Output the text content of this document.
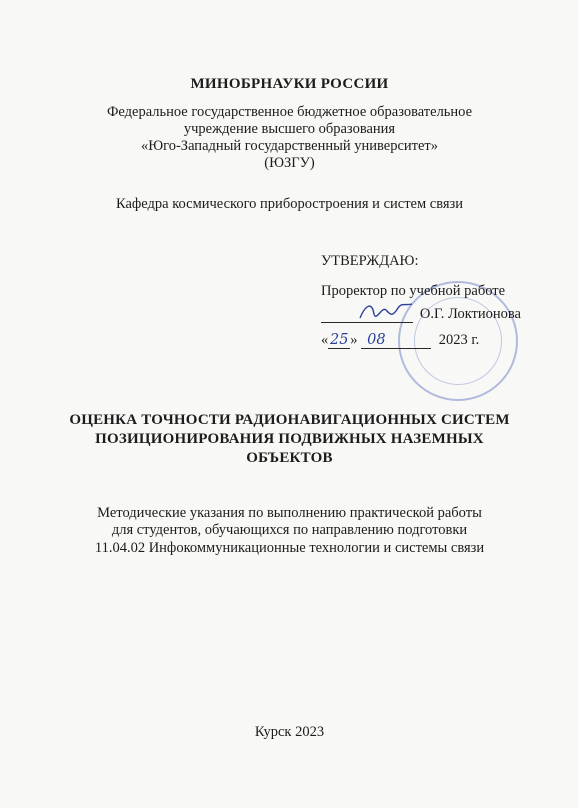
МИНОБРНАУКИ РОССИИ
Федеральное государственное бюджетное образовательное
учреждение высшего образования
«Юго-Западный государственный университет»
(ЮЗГУ)
Кафедра космического приборостроения и систем связи
УТВЕРЖДАЮ:
Проректор по учебной работе
О.Г. Локтионова
« 25 » 08	2023 г.
ОЦЕНКА ТОЧНОСТИ РАДИОНАВИГАЦИОННЫХ СИСТЕМ
ПОЗИЦИОНИРОВАНИЯ ПОДВИЖНЫХ НАЗЕМНЫХ
ОБЪЕКТОВ
Методические указания по выполнению практической работы
для студентов, обучающихся по направлению подготовки
11.04.02 Инфокоммуникационные технологии и системы связи
Курск 2023
